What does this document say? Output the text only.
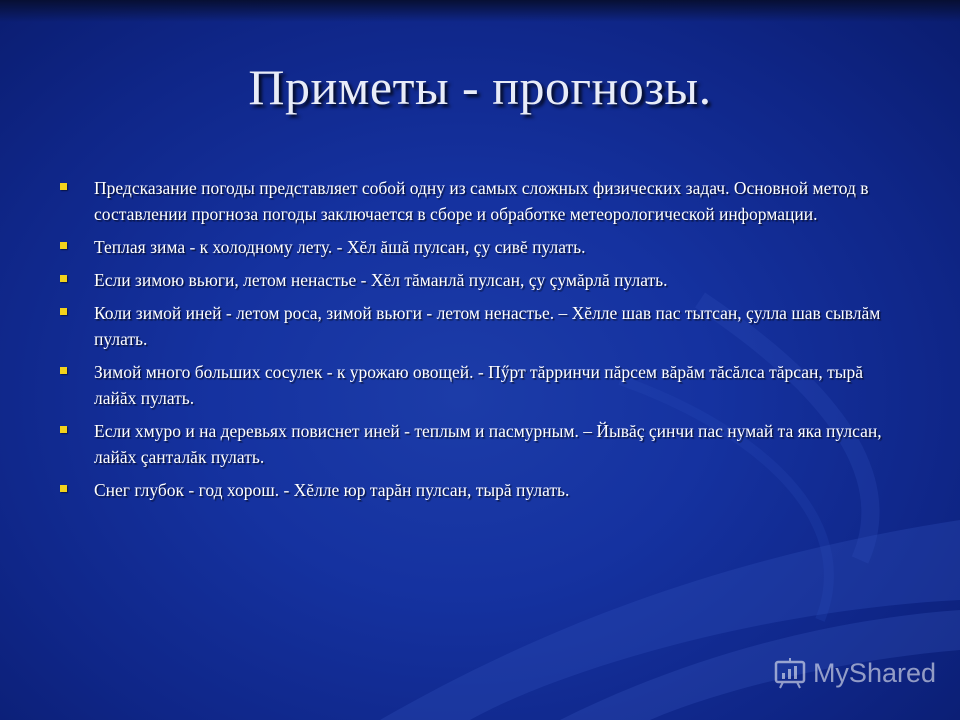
Приметы - прогнозы.
Предсказание погоды представляет собой одну из самых сложных физических задач. Основной метод в составлении прогноза погоды заключается в сборе и обработке метеорологической информации.
Теплая зима - к холодному лету. - Хĕл ăшă пулсан, çу сивĕ пулать.
Если зимою вьюги, летом ненастье - Хĕл тăманлă пулсан, çу çумăрлă пулать.
Коли зимой иней - летом роса, зимой вьюги - летом ненастье. – Хĕлле шав пас тытсан, çулла шав сывлăм пулать.
Зимой много больших сосулек - к урожаю овощей. - Пӳрт тăрринчи пăрсем вăрăм тăсăлса тăрсан, тырă лайăх пулать.
Если хмуро и на деревьях повиснет иней - теплым и пасмурным. – Йывăç çинчи пас нумай та яка пулсан, лайăх çанталăк пулать.
Снег глубок - год хорош. - Хĕлле юр тарăн пулсан, тырă пулать.
MyShared
